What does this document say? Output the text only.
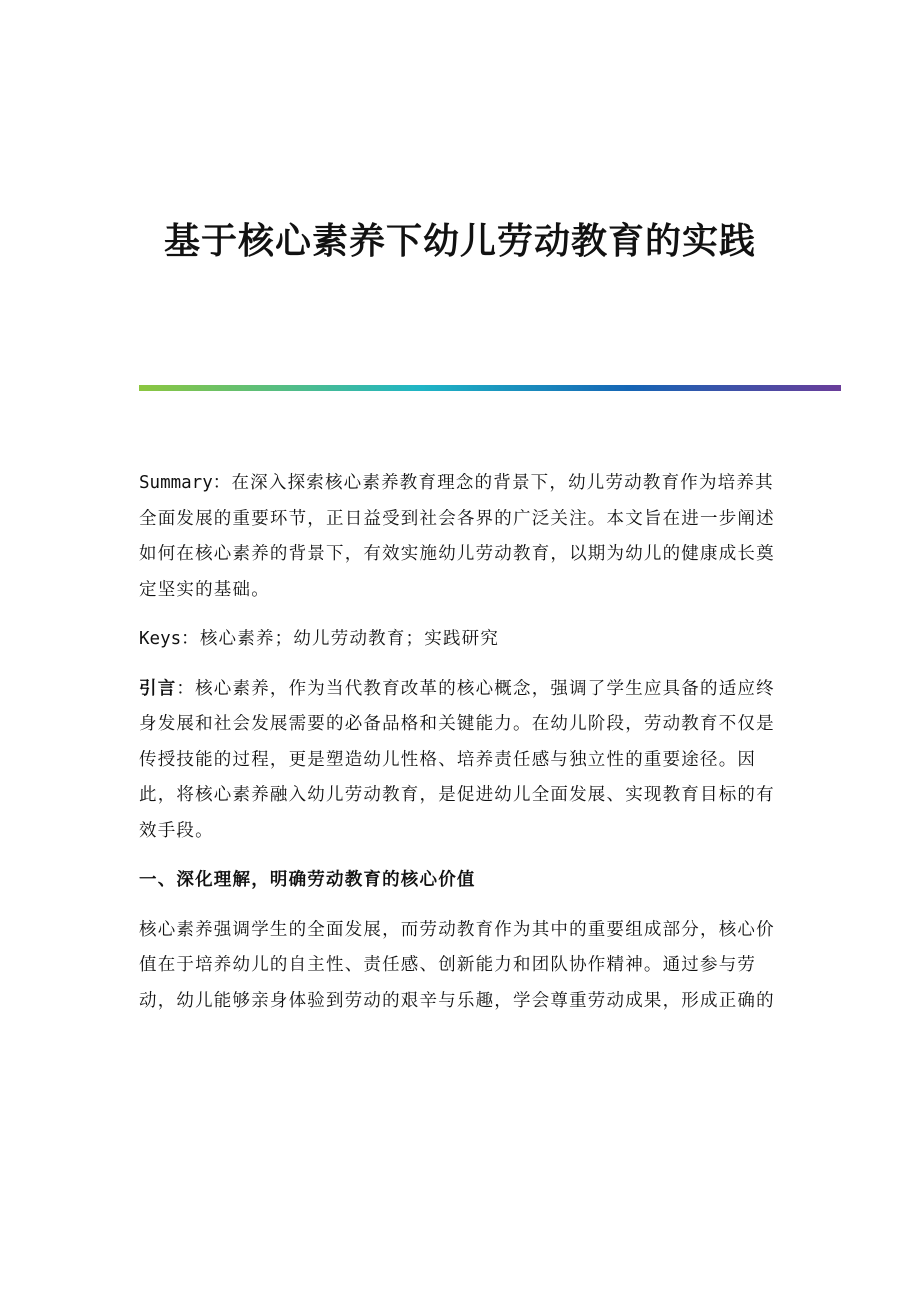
基于核心素养下幼儿劳动教育的实践

Summary：在深入探索核心素养教育理念的背景下，幼儿劳动教育作为培养其全面发展的重要环节，正日益受到社会各界的广泛关注。本文旨在进一步阐述如何在核心素养的背景下，有效实施幼儿劳动教育，以期为幼儿的健康成长奠定坚实的基础。

Keys：核心素养；幼儿劳动教育；实践研究

引言：核心素养，作为当代教育改革的核心概念，强调了学生应具备的适应终身发展和社会发展需要的必备品格和关键能力。在幼儿阶段，劳动教育不仅是传授技能的过程，更是塑造幼儿性格、培养责任感与独立性的重要途径。因此，将核心素养融入幼儿劳动教育，是促进幼儿全面发展、实现教育目标的有效手段。

一、深化理解，明确劳动教育的核心价值

核心素养强调学生的全面发展，而劳动教育作为其中的重要组成部分，核心价值在于培养幼儿的自主性、责任感、创新能力和团队协作精神。通过参与劳动，幼儿能够亲身体验到劳动的艰辛与乐趣，学会尊重劳动成果，形成正确的
